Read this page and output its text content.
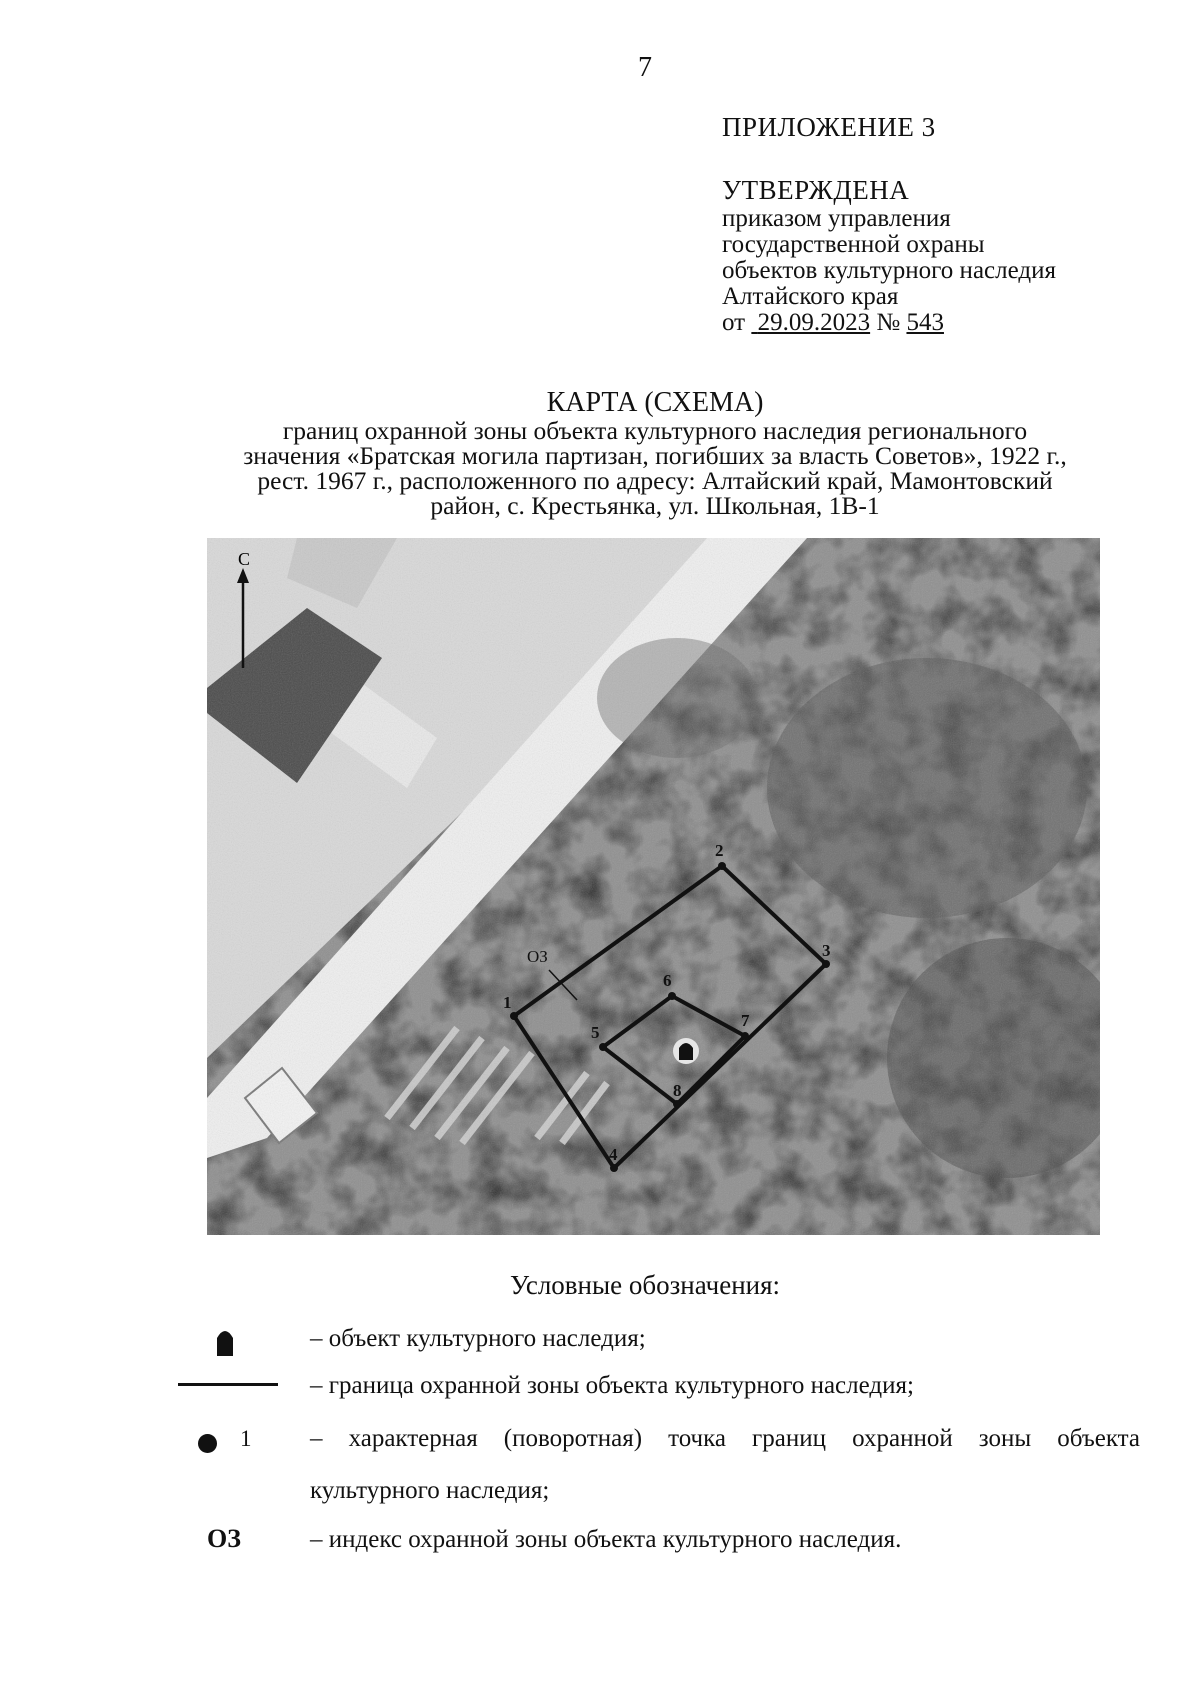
7
ПРИЛОЖЕНИЕ 3
УТВЕРЖДЕНА
приказом управления
государственной охраны
объектов культурного наследия
Алтайского края
от 29.09.2023 № 543
КАРТА (СХЕМА)
границ охранной зоны объекта культурного наследия регионального
значения «Братская могила партизан, погибших за власть Советов», 1922 г.,
рест. 1967 г., расположенного по адресу: Алтайский край, Мамонтовский
район, с. Крестьянка, ул. Школьная, 1В-1
С
1
2
3
4
5
6
7
8
ОЗ
Условные обозначения:
– объект культурного наследия;
– граница охранной зоны объекта культурного наследия;
1 – характерная (поворотная) точка границ охранной зоны объекта
культурного наследия;
ОЗ	– индекс охранной зоны объекта культурного наследия.
